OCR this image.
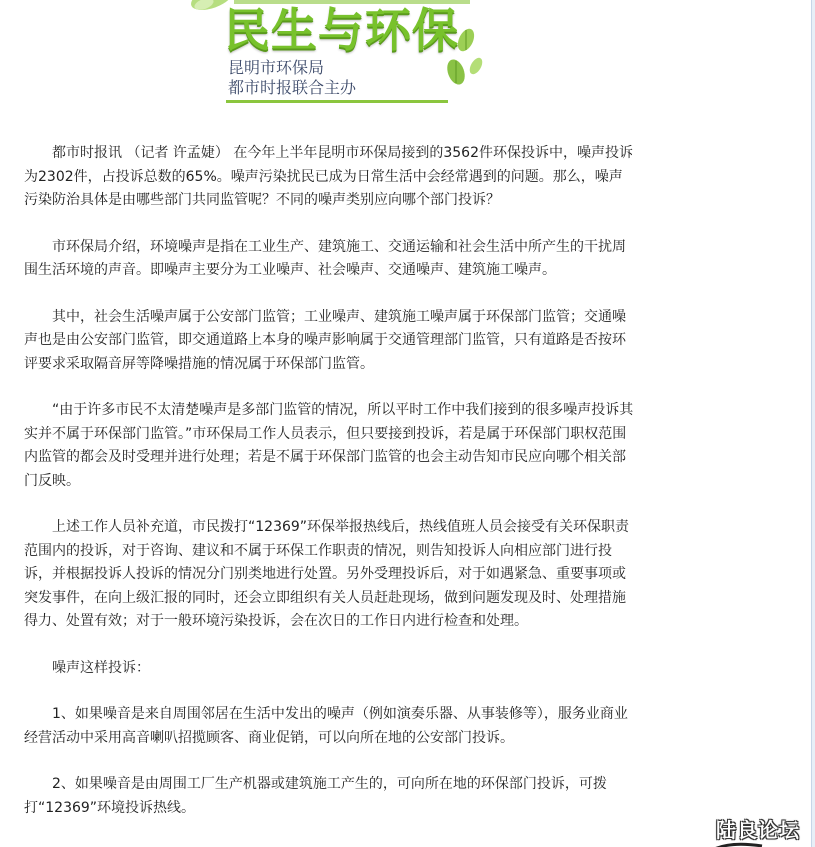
民生与环保
昆明市环保局
都市时报联合主办

都市时报讯 （记者 许孟婕） 在今年上半年昆明市环保局接到的3562件环保投诉中，噪声投诉为2302件，占投诉总数的65%。噪声污染扰民已成为日常生活中会经常遇到的问题。那么，噪声污染防治具体是由哪些部门共同监管呢？不同的噪声类别应向哪个部门投诉？

市环保局介绍，环境噪声是指在工业生产、建筑施工、交通运输和社会生活中所产生的干扰周围生活环境的声音。即噪声主要分为工业噪声、社会噪声、交通噪声、建筑施工噪声。

其中，社会生活噪声属于公安部门监管；工业噪声、建筑施工噪声属于环保部门监管；交通噪声也是由公安部门监管，即交通道路上本身的噪声影响属于交通管理部门监管，只有道路是否按环评要求采取隔音屏等降噪措施的情况属于环保部门监管。

“由于许多市民不太清楚噪声是多部门监管的情况，所以平时工作中我们接到的很多噪声投诉其实并不属于环保部门监管。”市环保局工作人员表示，但只要接到投诉，若是属于环保部门职权范围内监管的都会及时受理并进行处理；若是不属于环保部门监管的也会主动告知市民应向哪个相关部门反映。

上述工作人员补充道，市民拨打“12369”环保举报热线后，热线值班人员会接受有关环保职责范围内的投诉，对于咨询、建议和不属于环保工作职责的情况，则告知投诉人向相应部门进行投诉，并根据投诉人投诉的情况分门别类地进行处置。另外受理投诉后，对于如遇紧急、重要事项或突发事件，在向上级汇报的同时，还会立即组织有关人员赶赴现场，做到问题发现及时、处理措施得力、处置有效；对于一般环境污染投诉，会在次日的工作日内进行检查和处理。

噪声这样投诉：

1、如果噪音是来自周围邻居在生活中发出的噪声（例如演奏乐器、从事装修等），服务业商业经营活动中采用高音喇叭招揽顾客、商业促销，可以向所在地的公安部门投诉。

2、如果噪音是由周围工厂生产机器或建筑施工产生的，可向所在地的环保部门投诉，可拨打“12369”环境投诉热线。

陆良论坛
